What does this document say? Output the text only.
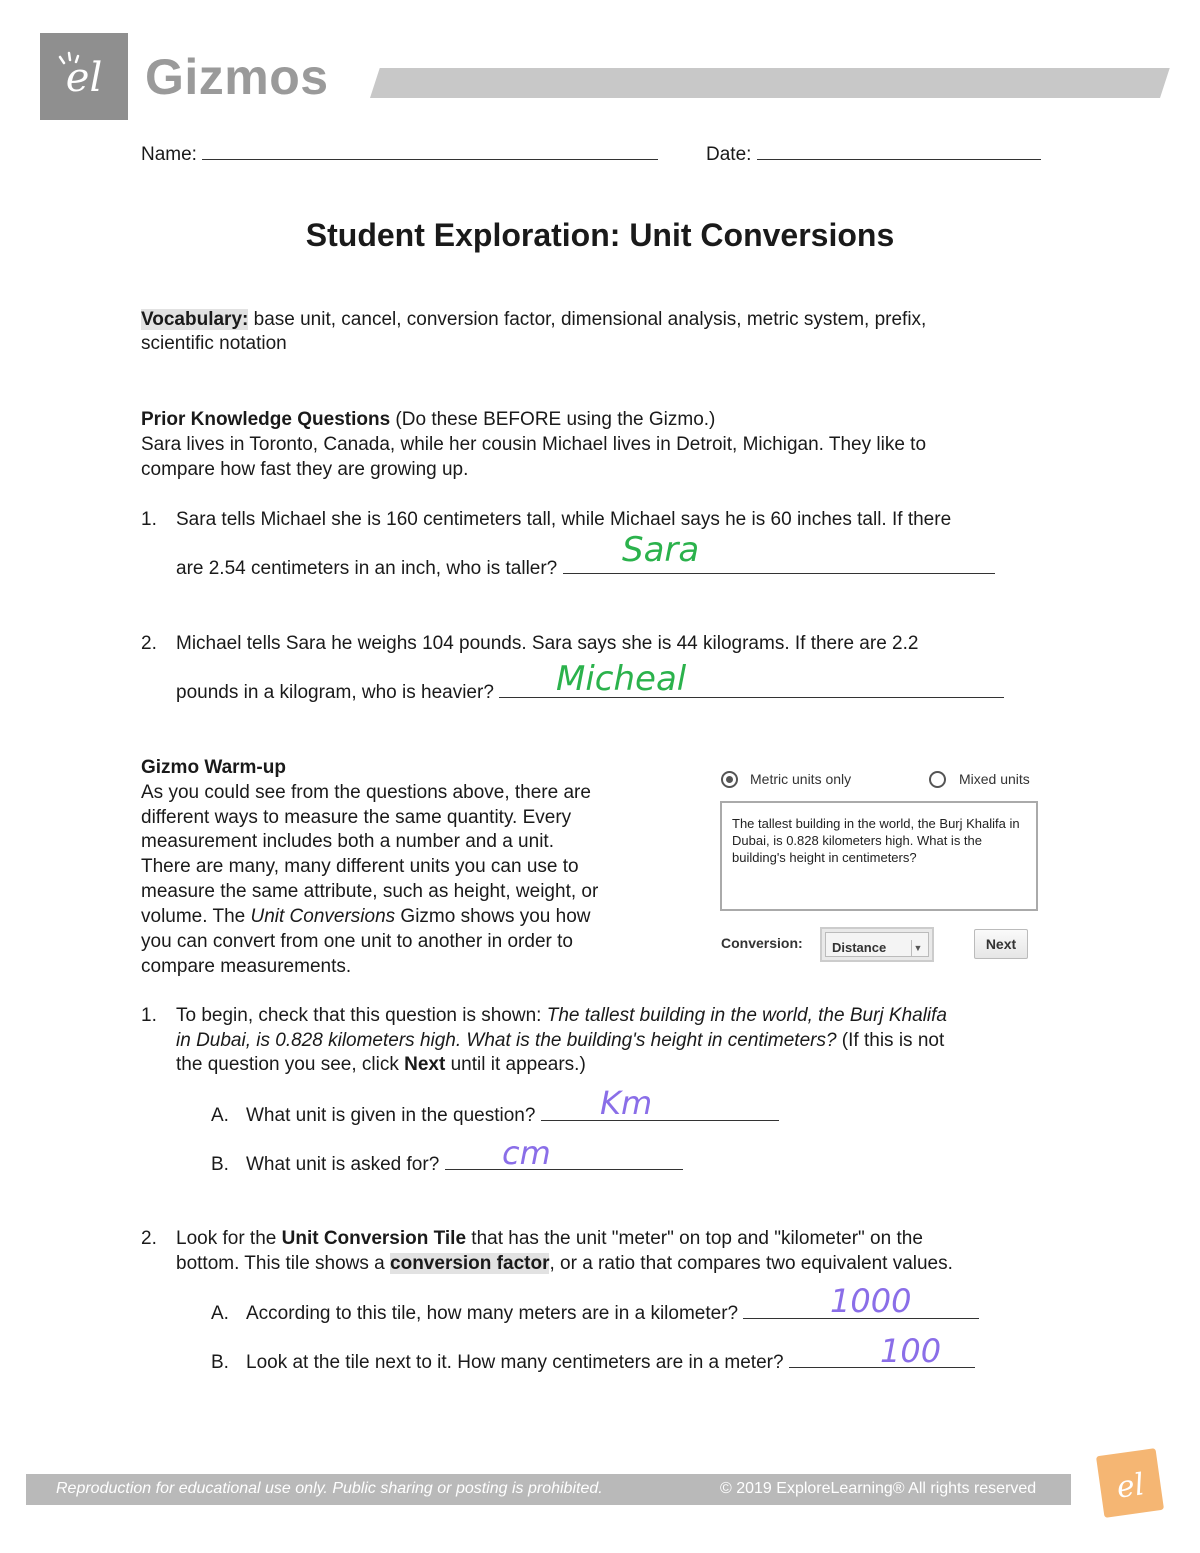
el Gizmos
Name:	Date:
Student Exploration: Unit Conversions
Vocabulary: base unit, cancel, conversion factor, dimensional analysis, metric system, prefix,
scientific notation
Prior Knowledge Questions (Do these BEFORE using the Gizmo.)
Sara lives in Toronto, Canada, while her cousin Michael lives in Detroit, Michigan. They like to
compare how fast they are growing up.
1. Sara tells Michael she is 160 centimeters tall, while Michael says he is 60 inches tall. If there
are 2.54 centimeters in an inch, who is taller?	Sara
2. Michael tells Sara he weighs 104 pounds. Sara says she is 44 kilograms. If there are 2.2
pounds in a kilogram, who is heavier?	Micheal
Gizmo Warm-up
As you could see from the questions above, there are
different ways to measure the same quantity. Every
measurement includes both a number and a unit.
There are many, many different units you can use to
measure the same attribute, such as height, weight, or
volume. The Unit Conversions Gizmo shows you how
you can convert from one unit to another in order to
compare measurements.
Metric units only	Mixed units
The tallest building in the world, the Burj Khalifa in Dubai, is 0.828 kilometers high. What is the building's height in centimeters?
Conversion:	Distance	▼	Next
1. To begin, check that this question is shown: The tallest building in the world, the Burj Khalifa
in Dubai, is 0.828 kilometers high. What is the building's height in centimeters? (If this is not
the question you see, click Next until it appears.)
A. What unit is given in the question?	Km
B. What unit is asked for?	cm
2. Look for the Unit Conversion Tile that has the unit "meter" on top and "kilometer" on the
bottom. This tile shows a conversion factor, or a ratio that compares two equivalent values.
A. According to this tile, how many meters are in a kilometer?	1000
B. Look at the tile next to it. How many centimeters are in a meter?	100
Reproduction for educational use only. Public sharing or posting is prohibited.	© 2019 ExploreLearning® All rights reserved	el
